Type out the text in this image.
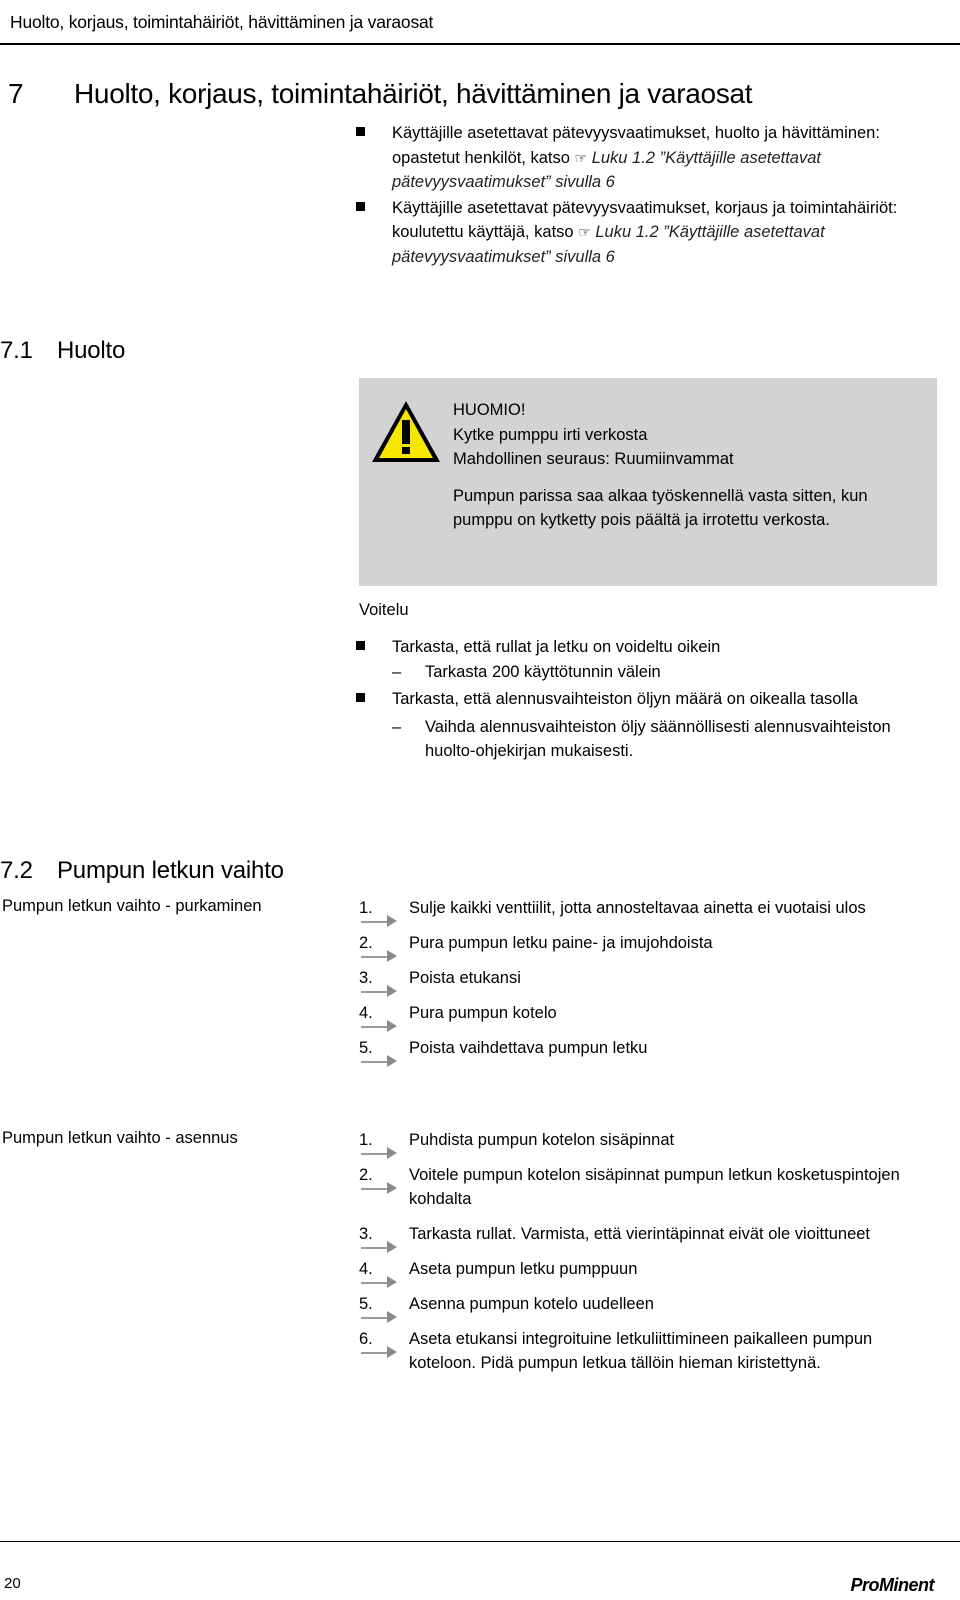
Huolto, korjaus, toimintahäiriöt, hävittäminen ja varaosat
7 Huolto, korjaus, toimintahäiriöt, hävittäminen ja varaosat
Käyttäjille asetettavat pätevyysvaatimukset, huolto ja hävittäminen: opastetut henkilöt, katso ☞ Luku 1.2 ”Käyttäjille asetettavat pätevyysvaatimukset” sivulla 6
Käyttäjille asetettavat pätevyysvaatimukset, korjaus ja toimintahäiriöt: koulutettu käyttäjä, katso ☞ Luku 1.2 ”Käyttäjille asetettavat pätevyysvaatimukset” sivulla 6
7.1 Huolto

HUOMIO!

Kytke pumppu irti verkosta

Mahdollinen seuraus: Ruumiinvammat

Pumpun parissa saa alkaa työskennellä vasta sitten, kun pumppu on kytketty pois päältä ja irrotettu verkosta.

Voitelu
Tarkasta, että rullat ja letku on voideltu oikein
– Tarkasta 200 käyttötunnin välein
Tarkasta, että alennusvaihteiston öljyn määrä on oikealla tasolla
– Vaihda alennusvaihteiston öljy säännöllisesti alennusvaihteiston huolto-ohjekirjan mukaisesti.
7.2 Pumpun letkun vaihto
Pumpun letkun vaihto - purkaminen	1.	Sulje kaikki venttiilit, jotta annosteltavaa ainetta ei vuotaisi ulos
2.	Pura pumpun letku paine- ja imujohdoista
3.	Poista etukansi
4.	Pura pumpun kotelo
5.	Poista vaihdettava pumpun letku
Pumpun letkun vaihto - asennus	1.	Puhdista pumpun kotelon sisäpinnat
2.	Voitele pumpun kotelon sisäpinnat pumpun letkun kosketuspintojen kohdalta
3.	Tarkasta rullat. Varmista, että vierintäpinnat eivät ole vioittuneet
4.	Aseta pumpun letku pumppuun
5.	Asenna pumpun kotelo uudelleen
6.	Aseta etukansi integroituine letkuliittimineen paikalleen pumpun koteloon. Pidä pumpun letkua tällöin hieman kiristettynä.
20	ProMinent
